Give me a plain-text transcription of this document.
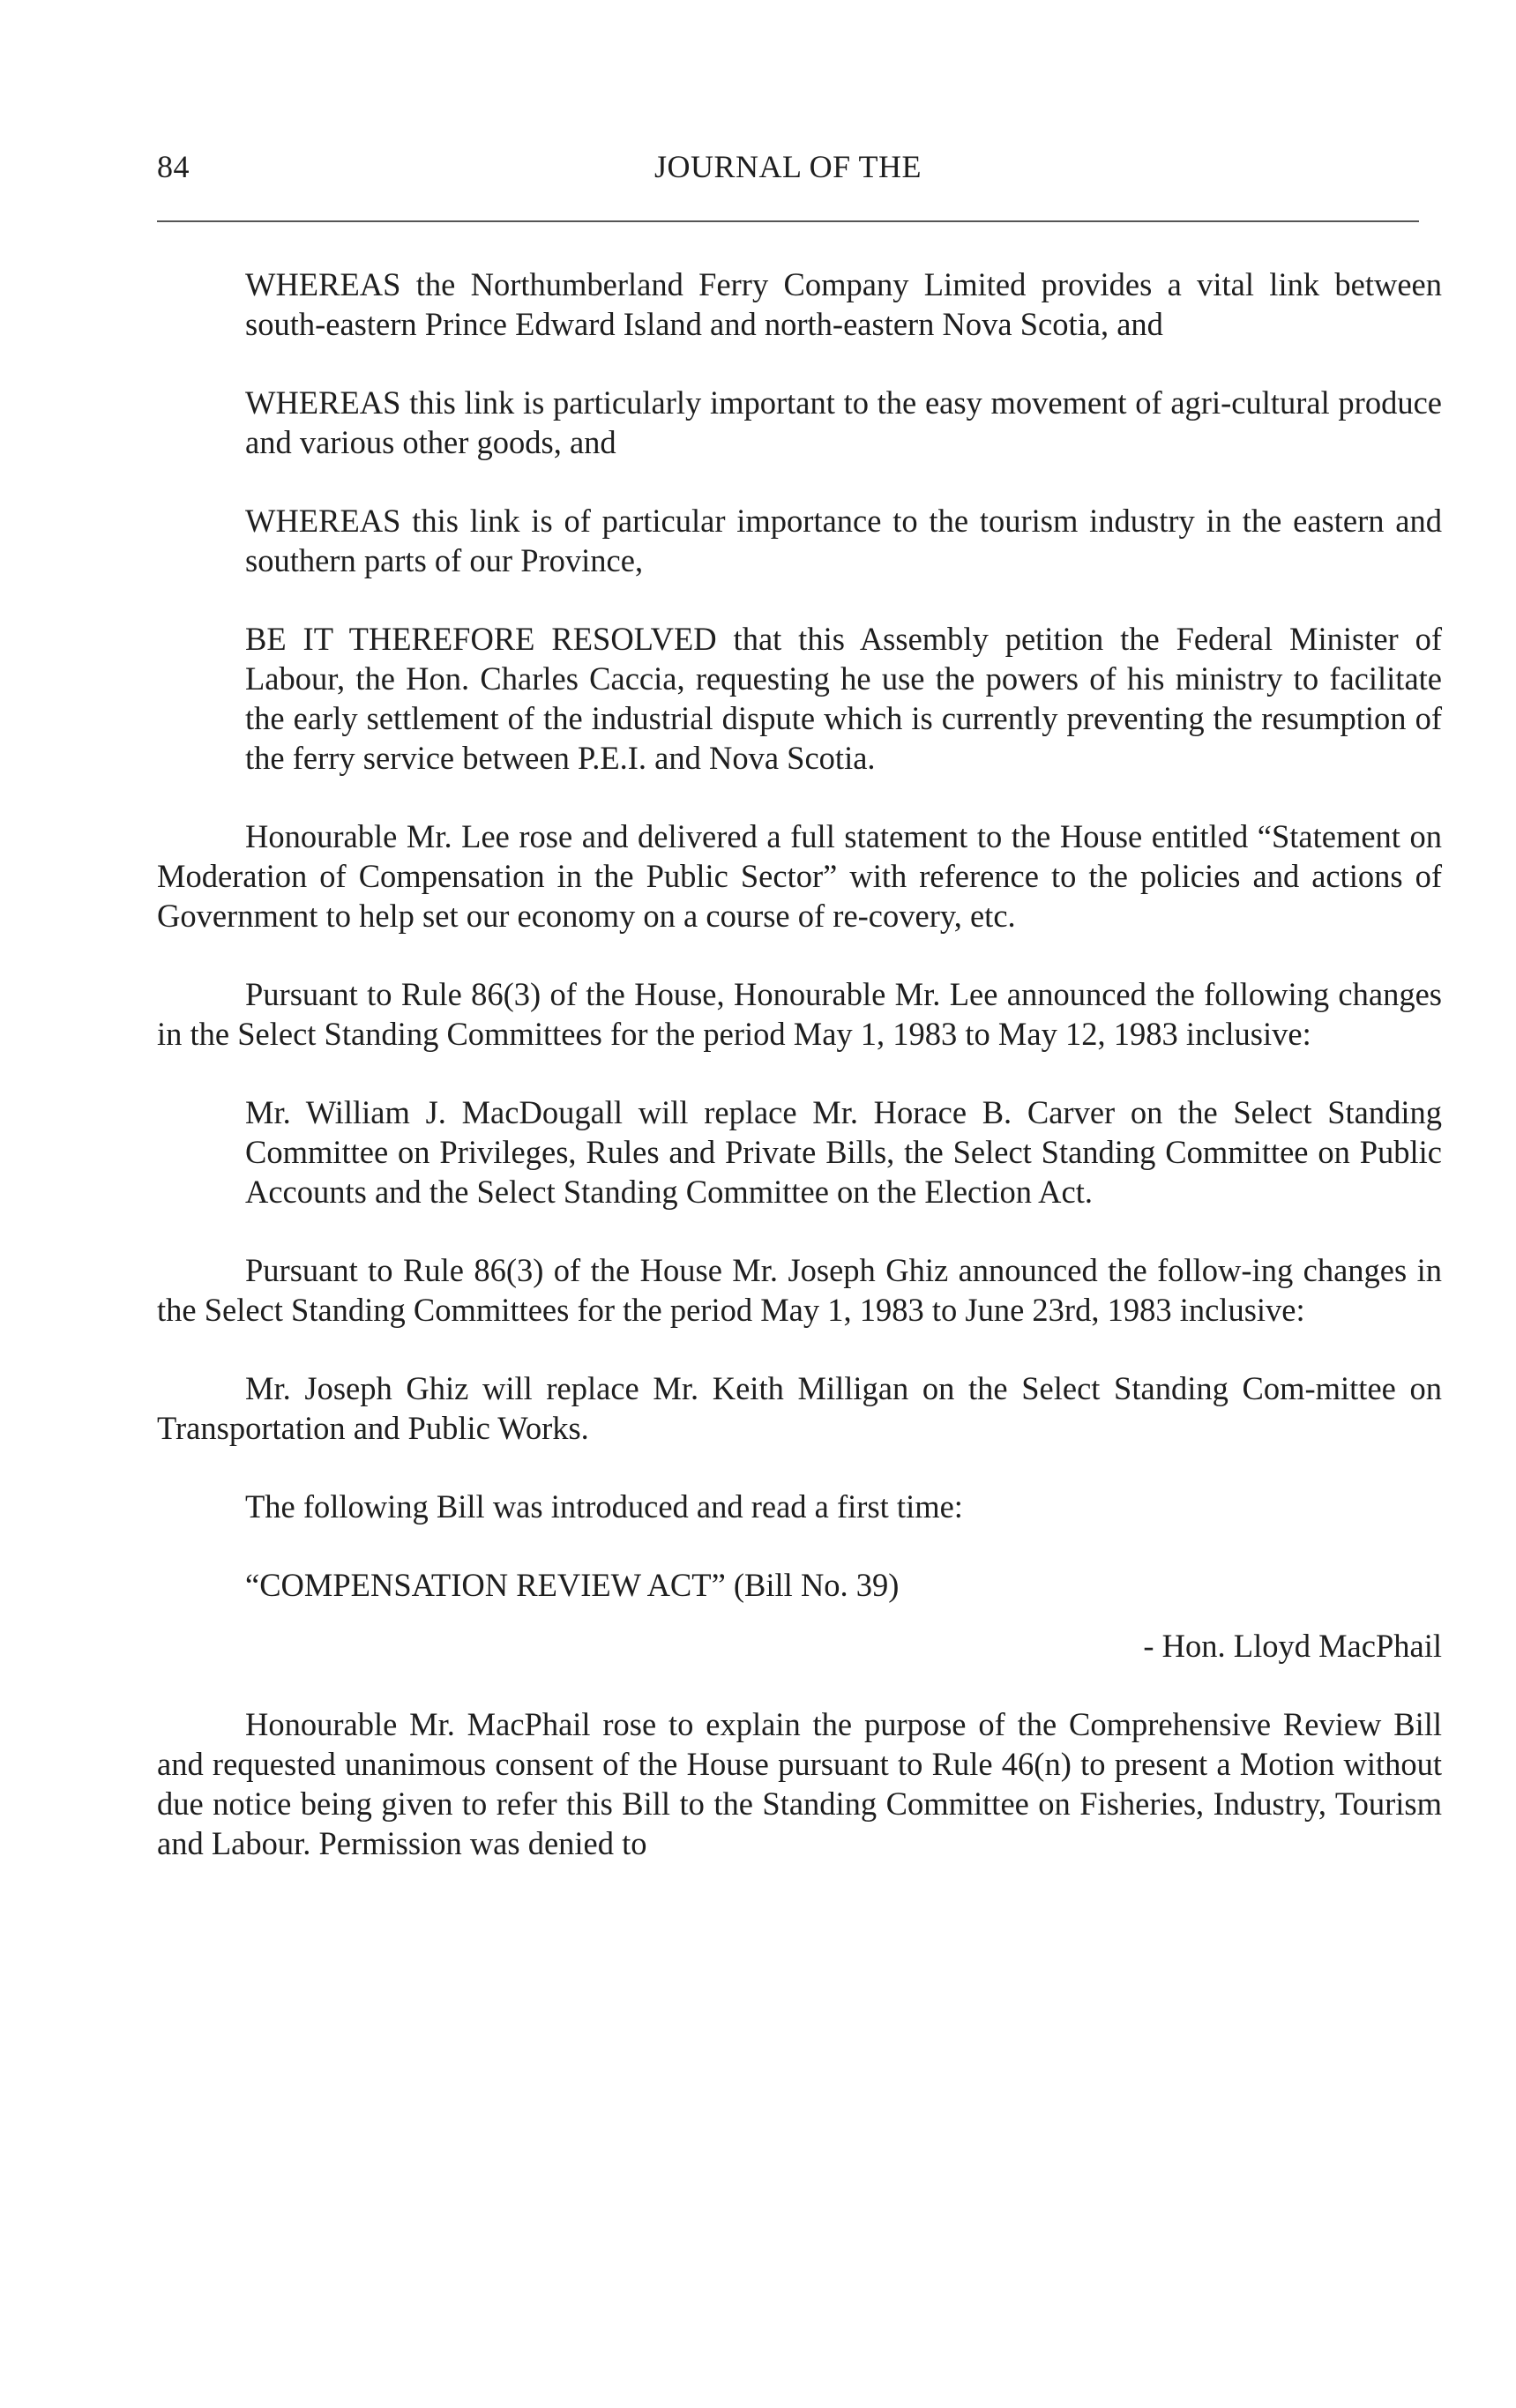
84	JOURNAL OF THE

WHEREAS the Northumberland Ferry Company Limited provides a vital link between south-eastern Prince Edward Island and north-eastern Nova Scotia, and

WHEREAS this link is particularly important to the easy movement of agri-cultural produce and various other goods, and

WHEREAS this link is of particular importance to the tourism industry in the eastern and southern parts of our Province,

BE IT THEREFORE RESOLVED that this Assembly petition the Federal Minister of Labour, the Hon. Charles Caccia, requesting he use the powers of his ministry to facilitate the early settlement of the industrial dispute which is currently preventing the resumption of the ferry service between P.E.I. and Nova Scotia.

Honourable Mr. Lee rose and delivered a full statement to the House entitled “Statement on Moderation of Compensation in the Public Sector” with reference to the policies and actions of Government to help set our economy on a course of re-covery, etc.

Pursuant to Rule 86(3) of the House, Honourable Mr. Lee announced the following changes in the Select Standing Committees for the period May 1, 1983 to May 12, 1983 inclusive:

Mr. William J. MacDougall will replace Mr. Horace B. Carver on the Select Standing Committee on Privileges, Rules and Private Bills, the Select Standing Committee on Public Accounts and the Select Standing Committee on the Election Act.

Pursuant to Rule 86(3) of the House Mr. Joseph Ghiz announced the follow-ing changes in the Select Standing Committees for the period May 1, 1983 to June 23rd, 1983 inclusive:

Mr. Joseph Ghiz will replace Mr. Keith Milligan on the Select Standing Com-mittee on Transportation and Public Works.

The following Bill was introduced and read a first time:

“COMPENSATION REVIEW ACT” (Bill No. 39)

- Hon. Lloyd MacPhail

Honourable Mr. MacPhail rose to explain the purpose of the Comprehensive Review Bill and requested unanimous consent of the House pursuant to Rule 46(n) to present a Motion without due notice being given to refer this Bill to the Standing Committee on Fisheries, Industry, Tourism and Labour. Permission was denied to
